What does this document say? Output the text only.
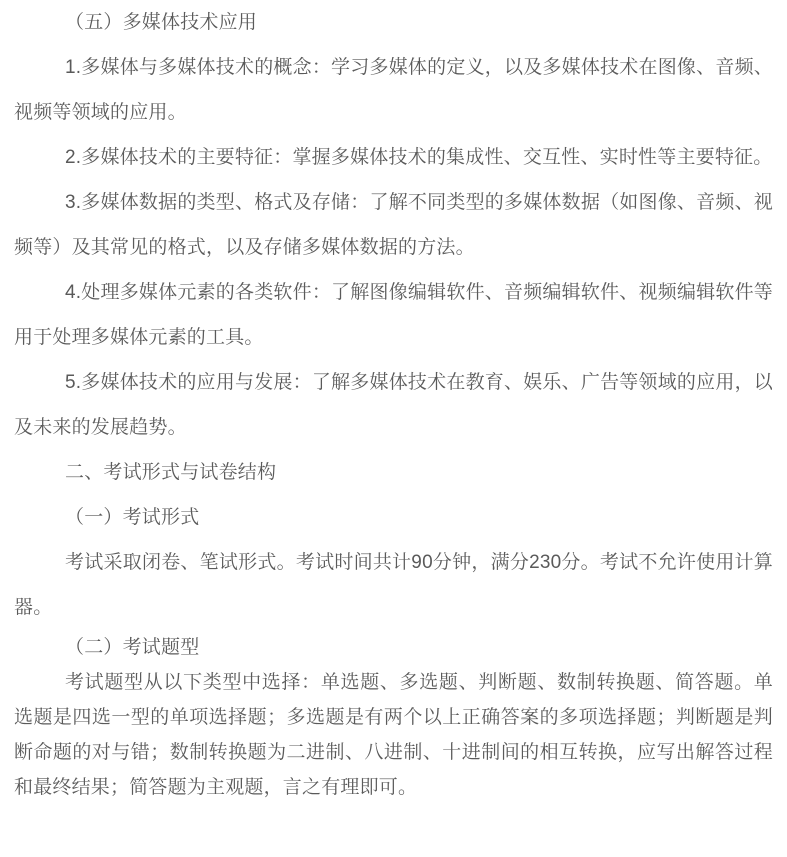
（五）多媒体技术应用

1.多媒体与多媒体技术的概念：学习多媒体的定义，以及多媒体技术在图像、音频、视频等领域的应用。

2.多媒体技术的主要特征：掌握多媒体技术的集成性、交互性、实时性等主要特征。

3.多媒体数据的类型、格式及存储：了解不同类型的多媒体数据（如图像、音频、视频等）及其常见的格式，以及存储多媒体数据的方法。

4.处理多媒体元素的各类软件：了解图像编辑软件、音频编辑软件、视频编辑软件等用于处理多媒体元素的工具。

5.多媒体技术的应用与发展：了解多媒体技术在教育、娱乐、广告等领域的应用，以及未来的发展趋势。

二、考试形式与试卷结构

（一）考试形式

考试采取闭卷、笔试形式。考试时间共计90分钟，满分230分。考试不允许使用计算器。

（二）考试题型

考试题型从以下类型中选择：单选题、多选题、判断题、数制转换题、简答题。单选题是四选一型的单项选择题；多选题是有两个以上正确答案的多项选择题；判断题是判断命题的对与错；数制转换题为二进制、八进制、十进制间的相互转换，应写出解答过程和最终结果；简答题为主观题，言之有理即可。
